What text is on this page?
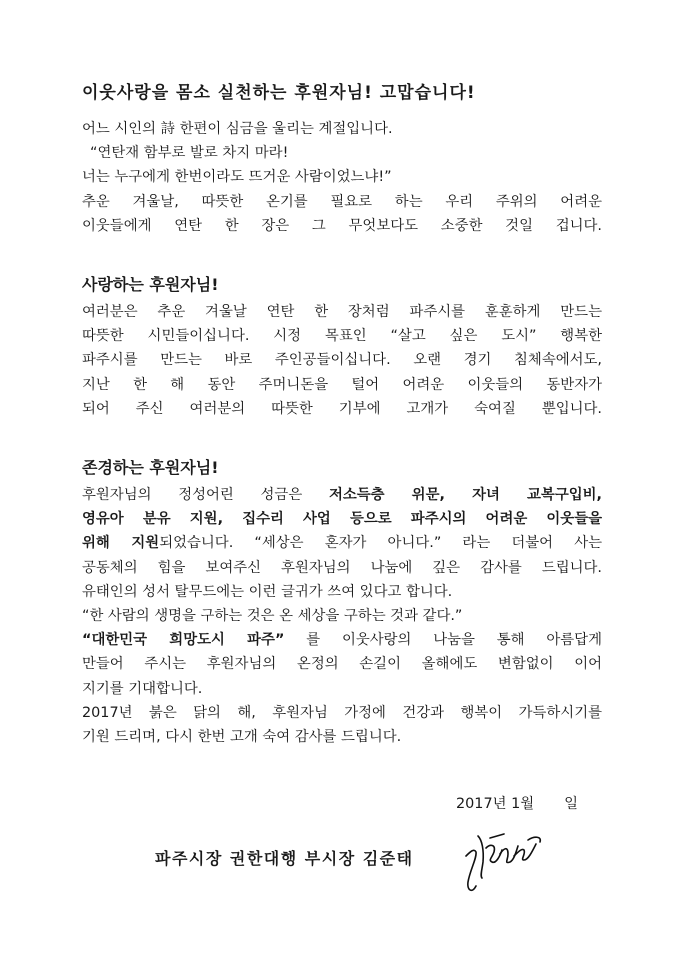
이웃사랑을 몸소 실천하는 후원자님! 고맙습니다!
어느 시인의 詩 한편이 심금을 울리는 계절입니다.
“연탄재 함부로 발로 차지 마라!
너는 누구에게 한번이라도 뜨거운 사람이었느냐!”
추운 겨울날, 따뜻한 온기를 필요로 하는 우리 주위의 어려운
이웃들에게 연탄 한 장은 그 무엇보다도 소중한 것일 겁니다.
사랑하는 후원자님!
여러분은 추운 겨울날 연탄 한 장처럼 파주시를 훈훈하게 만드는
따뜻한 시민들이십니다. 시정 목표인 “살고 싶은 도시” 행복한
파주시를 만드는 바로 주인공들이십니다. 오랜 경기 침체속에서도,
지난 한 해 동안 주머니돈을 털어 어려운 이웃들의 동반자가
되어 주신 여러분의 따뜻한 기부에 고개가 숙여질 뿐입니다.
존경하는 후원자님!
후원자님의 정성어린 성금은 저소득층 위문, 자녀 교복구입비,
영유아 분유 지원, 집수리 사업 등으로 파주시의 어려운 이웃들을
위해 지원되었습니다. “세상은 혼자가 아니다.” 라는 더불어 사는
공동체의 힘을 보여주신 후원자님의 나눔에 깊은 감사를 드립니다.
유태인의 성서 탈무드에는 이런 글귀가 쓰여 있다고 합니다.
“한 사람의 생명을 구하는 것은 온 세상을 구하는 것과 같다.”
“대한민국 희망도시 파주” 를 이웃사랑의 나눔을 통해 아름답게
만들어 주시는 후원자님의 온정의 손길이 올해에도 변함없이 이어
지기를 기대합니다.
2017년 붉은 닭의 해, 후원자님 가정에 건강과 행복이 가득하시기를
기원 드리며, 다시 한번 고개 숙여 감사를 드립니다.
2017년 1월 일
파주시장 권한대행 부시장 김준태
